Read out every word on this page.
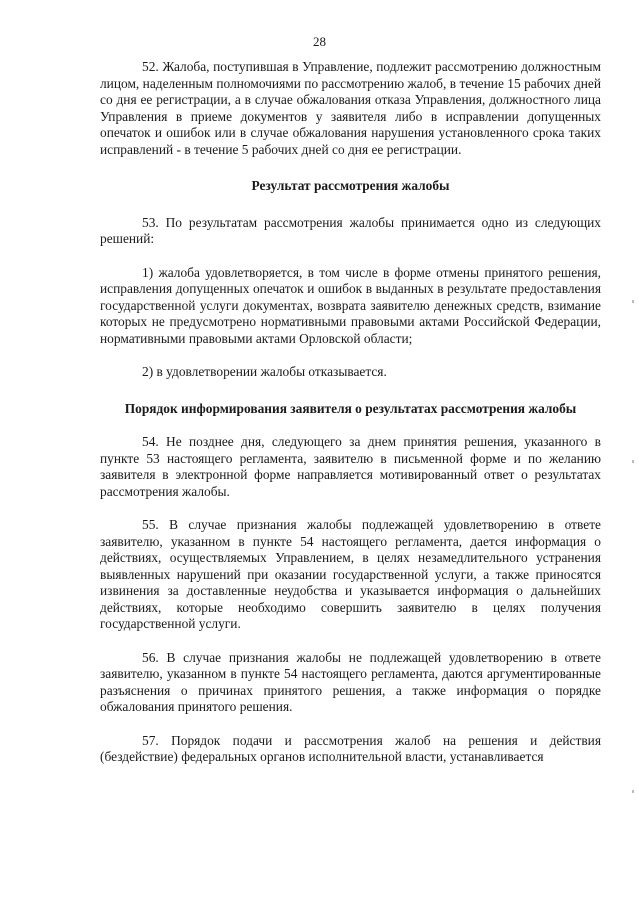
28

52. Жалоба, поступившая в Управление, подлежит рассмотрению должностным лицом, наделенным полномочиями по рассмотрению жалоб, в течение 15 рабочих дней со дня ее регистрации, а в случае обжалования отказа Управления, должностного лица Управления в приеме документов у заявителя либо в исправлении допущенных опечаток и ошибок или в случае обжалования нарушения установленного срока таких исправлений - в течение 5 рабочих дней со дня ее регистрации.

Результат рассмотрения жалобы

53. По результатам рассмотрения жалобы принимается одно из следующих решений:

1) жалоба удовлетворяется, в том числе в форме отмены принятого решения, исправления допущенных опечаток и ошибок в выданных в результате предоставления государственной услуги документах, возврата заявителю денежных средств, взимание которых не предусмотрено нормативными правовыми актами Российской Федерации, нормативными правовыми актами Орловской области;

2) в удовлетворении жалобы отказывается.

Порядок информирования заявителя о результатах рассмотрения жалобы

54. Не позднее дня, следующего за днем принятия решения, указанного в пункте 53 настоящего регламента, заявителю в письменной форме и по желанию заявителя в электронной форме направляется мотивированный ответ о результатах рассмотрения жалобы.

55. В случае признания жалобы подлежащей удовлетворению в ответе заявителю, указанном в пункте 54 настоящего регламента, дается информация о действиях, осуществляемых Управлением, в целях незамедлительного устранения выявленных нарушений при оказании государственной услуги, а также приносятся извинения за доставленные неудобства и указывается информация о дальнейших действиях, которые необходимо совершить заявителю в целях получения государственной услуги.

56. В случае признания жалобы не подлежащей удовлетворению в ответе заявителю, указанном в пункте 54 настоящего регламента, даются аргументированные разъяснения о причинах принятого решения, а также информация о порядке обжалования принятого решения.

57. Порядок подачи и рассмотрения жалоб на решения и действия (бездействие) федеральных органов исполнительной власти, устанавливается
